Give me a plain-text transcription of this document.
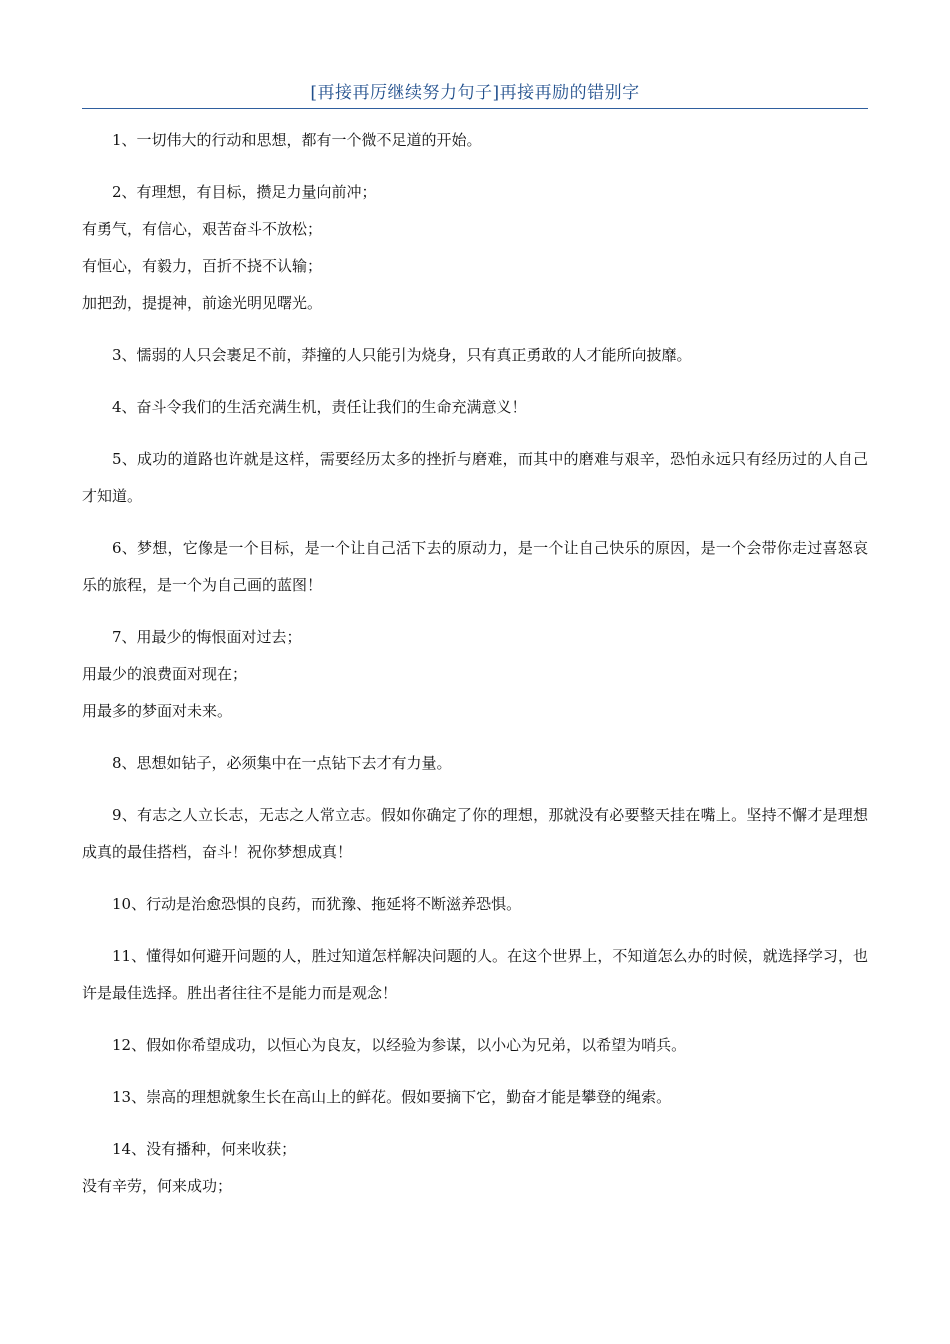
[再接再厉继续努力句子]再接再励的错别字
1、一切伟大的行动和思想，都有一个微不足道的开始。
2、有理想，有目标，攒足力量向前冲；
有勇气，有信心，艰苦奋斗不放松；
有恒心，有毅力，百折不挠不认输；
加把劲，提提神，前途光明见曙光。
3、懦弱的人只会裹足不前，莽撞的人只能引为烧身，只有真正勇敢的人才能所向披靡。
4、奋斗令我们的生活充满生机，责任让我们的生命充满意义！
5、成功的道路也许就是这样，需要经历太多的挫折与磨难，而其中的磨难与艰辛，恐怕永远只有经历过的人自己才知道。
6、梦想，它像是一个目标，是一个让自己活下去的原动力，是一个让自己快乐的原因，是一个会带你走过喜怒哀乐的旅程，是一个为自己画的蓝图！
7、用最少的悔恨面对过去；
用最少的浪费面对现在；
用最多的梦面对未来。
8、思想如钻子，必须集中在一点钻下去才有力量。
9、有志之人立长志，无志之人常立志。假如你确定了你的理想，那就没有必要整天挂在嘴上。坚持不懈才是理想成真的最佳搭档，奋斗！祝你梦想成真！
10、行动是治愈恐惧的良药，而犹豫、拖延将不断滋养恐惧。
11、懂得如何避开问题的人，胜过知道怎样解决问题的人。在这个世界上，不知道怎么办的时候，就选择学习，也许是最佳选择。胜出者往往不是能力而是观念！
12、假如你希望成功，以恒心为良友，以经验为参谋，以小心为兄弟，以希望为哨兵。
13、崇高的理想就象生长在高山上的鲜花。假如要摘下它，勤奋才能是攀登的绳索。
14、没有播种，何来收获；
没有辛劳，何来成功；
